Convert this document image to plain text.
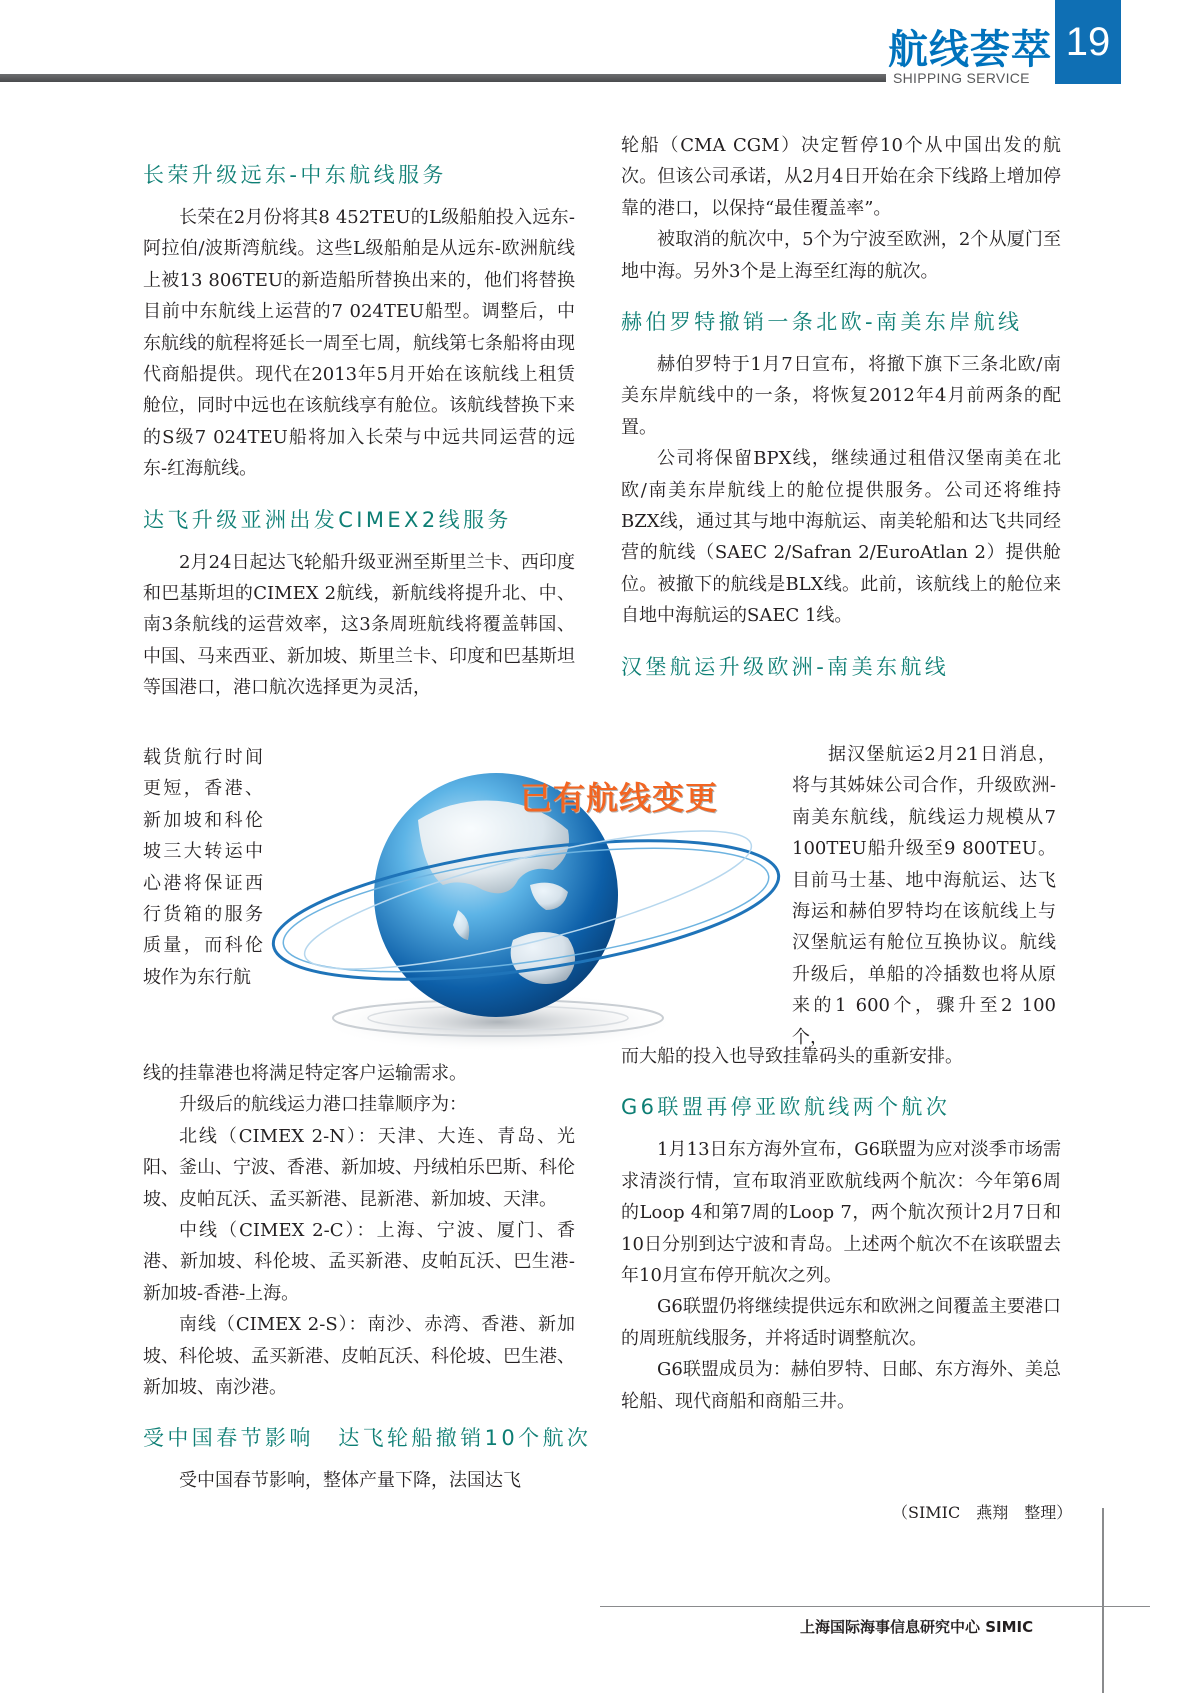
航线荟萃
SHIPPING SERVICE
19
长荣升级远东-中东航线服务

长荣在2月份将其8 452TEU的L级船舶投入远东-阿拉伯/波斯湾航线。这些L级船舶是从远东-欧洲航线上被13 806TEU的新造船所替换出来的，他们将替换目前中东航线上运营的7 024TEU船型。调整后，中东航线的航程将延长一周至七周，航线第七条船将由现代商船提供。现代在2013年5月开始在该航线上租赁舱位，同时中远也在该航线享有舱位。该航线替换下来的S级7 024TEU船将加入长荣与中远共同运营的远东-红海航线。

达飞升级亚洲出发CIMEX2线服务

2月24日起达飞轮船升级亚洲至斯里兰卡、西印度和巴基斯坦的CIMEX 2航线，新航线将提升北、中、南3条航线的运营效率，这3条周班航线将覆盖韩国、中国、马来西亚、新加坡、斯里兰卡、印度和巴基斯坦等国港口，港口航次选择更为灵活，

载货航行时间更短，香港、新加坡和科伦坡三大转运中心港将保证西行货箱的服务质量，而科伦坡作为东行航
已有航线变更

线的挂靠港也将满足特定客户运输需求。

升级后的航线运力港口挂靠顺序为：

北线（CIMEX 2-N）：天津、大连、青岛、光阳、釜山、宁波、香港、新加坡、丹绒柏乐巴斯、科伦坡、皮帕瓦沃、孟买新港、昆新港、新加坡、天津。

中线（CIMEX 2-C）：上海、宁波、厦门、香港、新加坡、科伦坡、孟买新港、皮帕瓦沃、巴生港-新加坡-香港-上海。

南线（CIMEX 2-S）：南沙、赤湾、香港、新加坡、科伦坡、孟买新港、皮帕瓦沃、科伦坡、巴生港、新加坡、南沙港。

受中国春节影响　达飞轮船撤销10个航次

受中国春节影响，整体产量下降，法国达飞

轮船（CMA CGM）决定暂停10个从中国出发的航次。但该公司承诺，从2月4日开始在余下线路上增加停靠的港口，以保持“最佳覆盖率”。

被取消的航次中，5个为宁波至欧洲，2个从厦门至地中海。另外3个是上海至红海的航次。

赫伯罗特撤销一条北欧-南美东岸航线

赫伯罗特于1月7日宣布，将撤下旗下三条北欧/南美东岸航线中的一条，将恢复2012年4月前两条的配置。

公司将保留BPX线，继续通过租借汉堡南美在北欧/南美东岸航线上的舱位提供服务。公司还将维持BZX线，通过其与地中海航运、南美轮船和达飞共同经营的航线（SAEC 2/Safran 2/EuroAtlan 2）提供舱位。被撤下的航线是BLX线。此前，该航线上的舱位来自地中海航运的SAEC 1线。

汉堡航运升级欧洲-南美东航线

据汉堡航运2月21日消息，将与其姊妹公司合作，升级欧洲-南美东航线，航线运力规模从7 100TEU船升级至9 800TEU。目前马士基、地中海航运、达飞海运和赫伯罗特均在该航线上与汉堡航运有舱位互换协议。航线升级后，单船的冷插数也将从原来的1 600个，骤升至2 100个，

而大船的投入也导致挂靠码头的重新安排。

G6联盟再停亚欧航线两个航次

1月13日东方海外宣布，G6联盟为应对淡季市场需求清淡行情，宣布取消亚欧航线两个航次：今年第6周的Loop 4和第7周的Loop 7，两个航次预计2月7日和10日分别到达宁波和青岛。上述两个航次不在该联盟去年10月宣布停开航次之列。

G6联盟仍将继续提供远东和欧洲之间覆盖主要港口的周班航线服务，并将适时调整航次。

G6联盟成员为：赫伯罗特、日邮、东方海外、美总轮船、现代商船和商船三井。

（SIMIC　燕翔　整理）
上海国际海事信息研究中心 SIMIC
